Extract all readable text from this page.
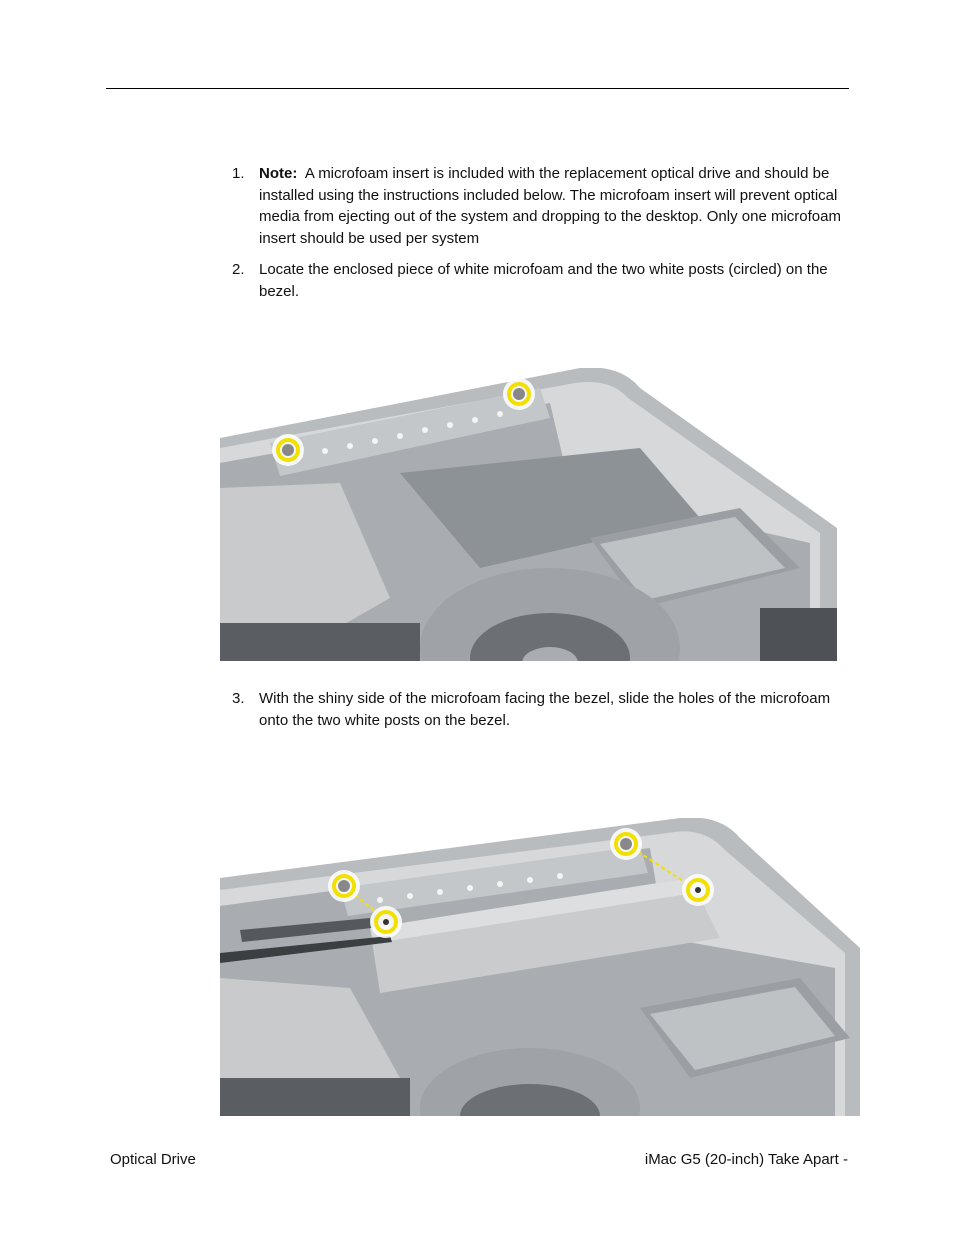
1. Note: A microfoam insert is included with the replacement optical drive and should be installed using the instructions included below. The microfoam insert will prevent optical media from ejecting out of the system and dropping to the desktop. Only one microfoam insert should be used per system
2. Locate the enclosed piece of white microfoam and the two white posts (circled) on the bezel.
3. With the shiny side of the microfoam facing the bezel, slide the holes of the microfoam onto the two white posts on the bezel.
Optical Drive	iMac G5 (20-inch) Take Apart -
